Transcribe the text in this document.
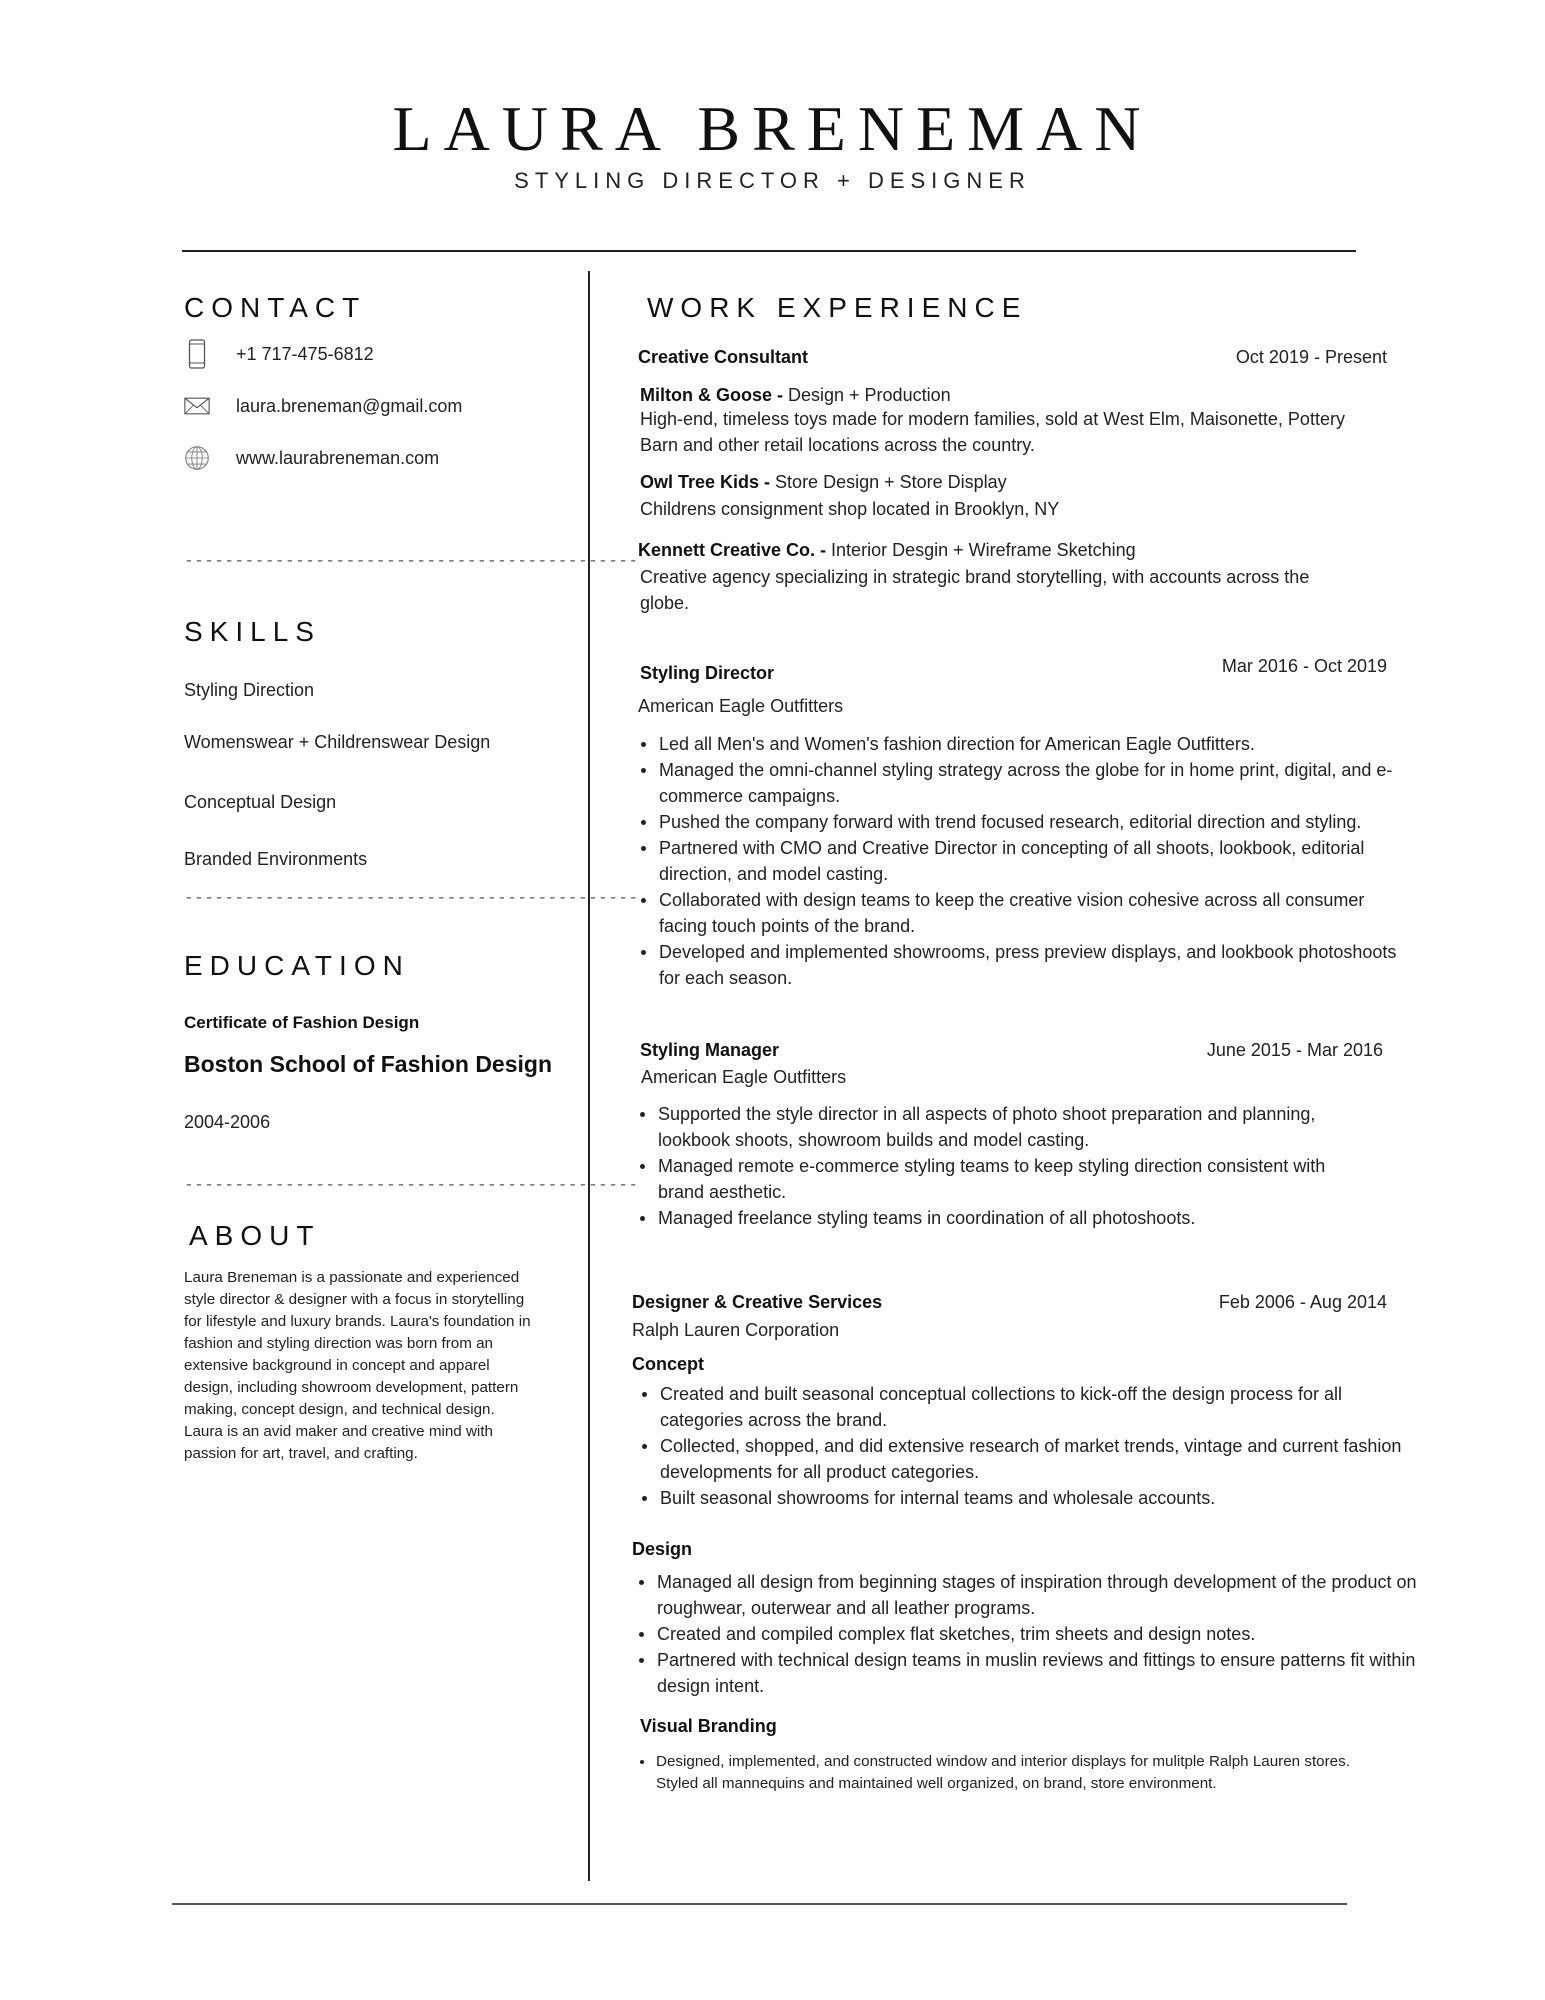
LAURA BRENEMAN
STYLING DIRECTOR + DESIGNER
CONTACT
+1 717-475-6812
laura.breneman@gmail.com
www.laurabreneman.com
---------------------------------------------
SKILLS
Styling Direction
Womenswear + Childrenswear Design
Conceptual Design
Branded Environments
---------------------------------------------
EDUCATION
Certificate of Fashion Design
Boston School of Fashion Design
2004-2006
---------------------------------------------
ABOUT
Laura Breneman is a passionate and experienced style director & designer with a focus in storytelling for lifestyle and luxury brands. Laura's foundation in fashion and styling direction was born from an extensive background in concept and apparel design, including showroom development, pattern making, concept design, and technical design. Laura is an avid maker and creative mind with passion for art, travel, and crafting.
WORK EXPERIENCE
Creative Consultant	Oct 2019 - Present
Milton & Goose - Design + Production
High-end, timeless toys made for modern families, sold at West Elm, Maisonette, Pottery Barn and other retail locations across the country.
Owl Tree Kids - Store Design + Store Display
Childrens consignment shop located in Brooklyn, NY
Kennett Creative Co. - Interior Desgin + Wireframe Sketching
Creative agency specializing in strategic brand storytelling, with accounts across the globe.
Styling Director	Mar 2016 - Oct 2019
American Eagle Outfitters
Led all Men's and Women's fashion direction for American Eagle Outfitters.
Managed the omni-channel styling strategy across the globe for in home print, digital, and e-commerce campaigns.
Pushed the company forward with trend focused research, editorial direction and styling.
Partnered with CMO and Creative Director in concepting of all shoots, lookbook, editorial direction, and model casting.
Collaborated with design teams to keep the creative vision cohesive across all consumer facing touch points of the brand.
Developed and implemented showrooms, press preview displays, and lookbook photoshoots for each season.
Styling Manager	June 2015 - Mar 2016
American Eagle Outfitters
Supported the style director in all aspects of photo shoot preparation and planning, lookbook shoots, showroom builds and model casting.
Managed remote e-commerce styling teams to keep styling direction consistent with brand aesthetic.
Managed freelance styling teams in coordination of all photoshoots.
Designer & Creative Services	Feb 2006 - Aug 2014
Ralph Lauren Corporation
Concept
Created and built seasonal conceptual collections to kick-off the design process for all categories across the brand.
Collected, shopped, and did extensive research of market trends, vintage and current fashion developments for all product categories.
Built seasonal showrooms for internal teams and wholesale accounts.
Design
Managed all design from beginning stages of inspiration through development of the product on roughwear, outerwear and all leather programs.
Created and compiled complex flat sketches, trim sheets and design notes.
Partnered with technical design teams in muslin reviews and fittings to ensure patterns fit within design intent.
Visual Branding
Designed, implemented, and constructed window and interior displays for mulitple Ralph Lauren stores. Styled all mannequins and maintained well organized, on brand, store environment.
